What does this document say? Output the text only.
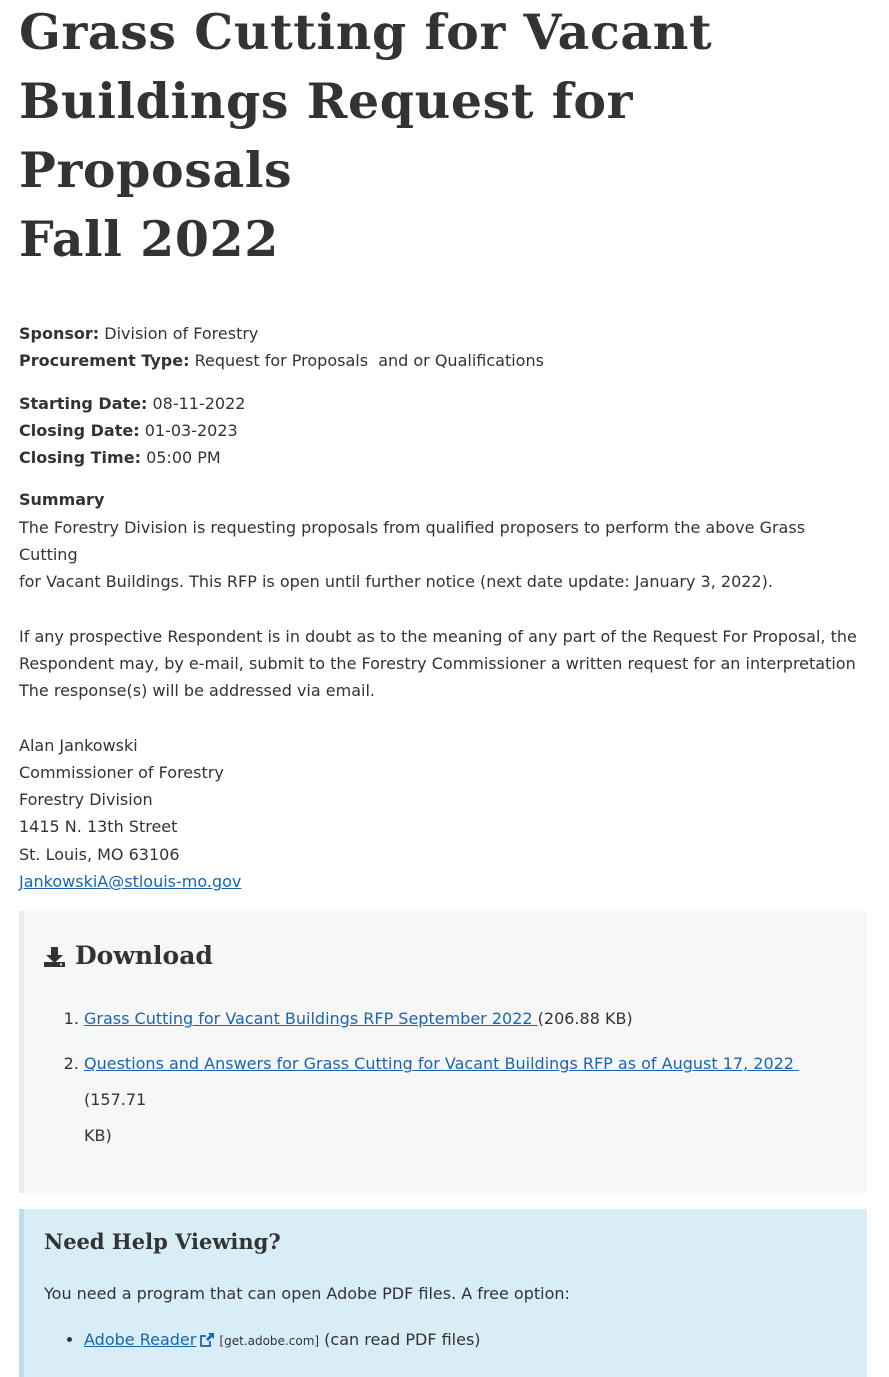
Grass Cutting for Vacant
Buildings Request for Proposals
Fall 2022
Sponsor: Division of Forestry
Procurement Type: Request for Proposals  and or Qualifications
Starting Date: 08-11-2022
Closing Date: 01-03-2023
Closing Time: 05:00 PM
Summary

The Forestry Division is requesting proposals from qualified proposers to perform the above Grass Cutting
for Vacant Buildings. This RFP is open until further notice (next date update: January 3, 2022).

If any prospective Respondent is in doubt as to the meaning of any part of the Request For Proposal, the
Respondent may, by e-mail, submit to the Forestry Commissioner a written request for an interpretation
The response(s) will be addressed via email.

Alan Jankowski
Commissioner of Forestry
Forestry Division
1415 N. 13th Street
St. Louis, MO 63106
JankowskiA@stlouis-mo.gov
Download
1. Grass Cutting for Vacant Buildings RFP September 2022 (206.88 KB)
2. Questions and Answers for Grass Cutting for Vacant Buildings RFP as of August 17, 2022 (157.71
KB)
Need Help Viewing?

You need a program that can open Adobe PDF files. A free option:

• Adobe Reader [get.adobe.com] (can read PDF files)
